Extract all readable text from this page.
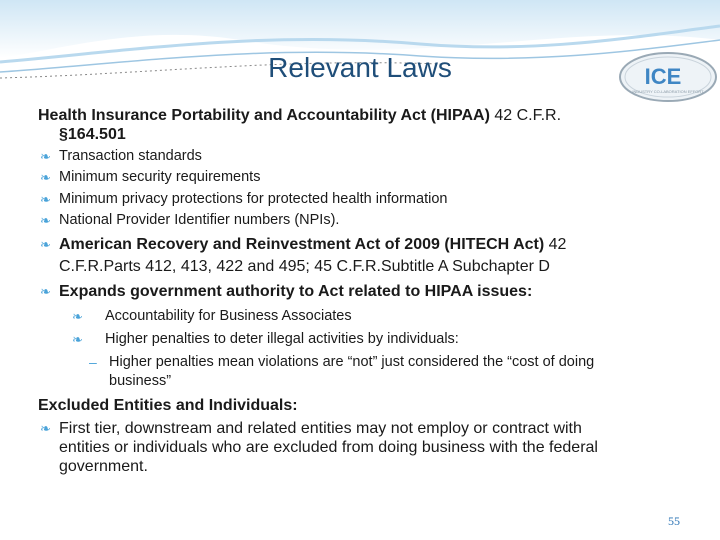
Relevant Laws	ICE
INDUSTRY CO-LABORATION EFFORT
Health Insurance Portability and Accountability Act (HIPAA) 42 C.F.R.
§164.501
❧ Transaction standards
❧ Minimum security requirements
❧ Minimum privacy protections for protected health information
❧ National Provider Identifier numbers (NPIs).
❧ American Recovery and Reinvestment Act of 2009 (HITECH Act) 42
C.F.R.Parts 412, 413, 422 and 495; 45 C.F.R.Subtitle A Subchapter D
❧ Expands government authority to Act related to HIPAA issues:
❧ Accountability for Business Associates
❧ Higher penalties to deter illegal activities by individuals:
– Higher penalties mean violations are “not” just considered the “cost of doing
business”
Excluded Entities and Individuals:
❧ First tier, downstream and related entities may not employ or contract with
entities or individuals who are excluded from doing business with the federal
government.
55
